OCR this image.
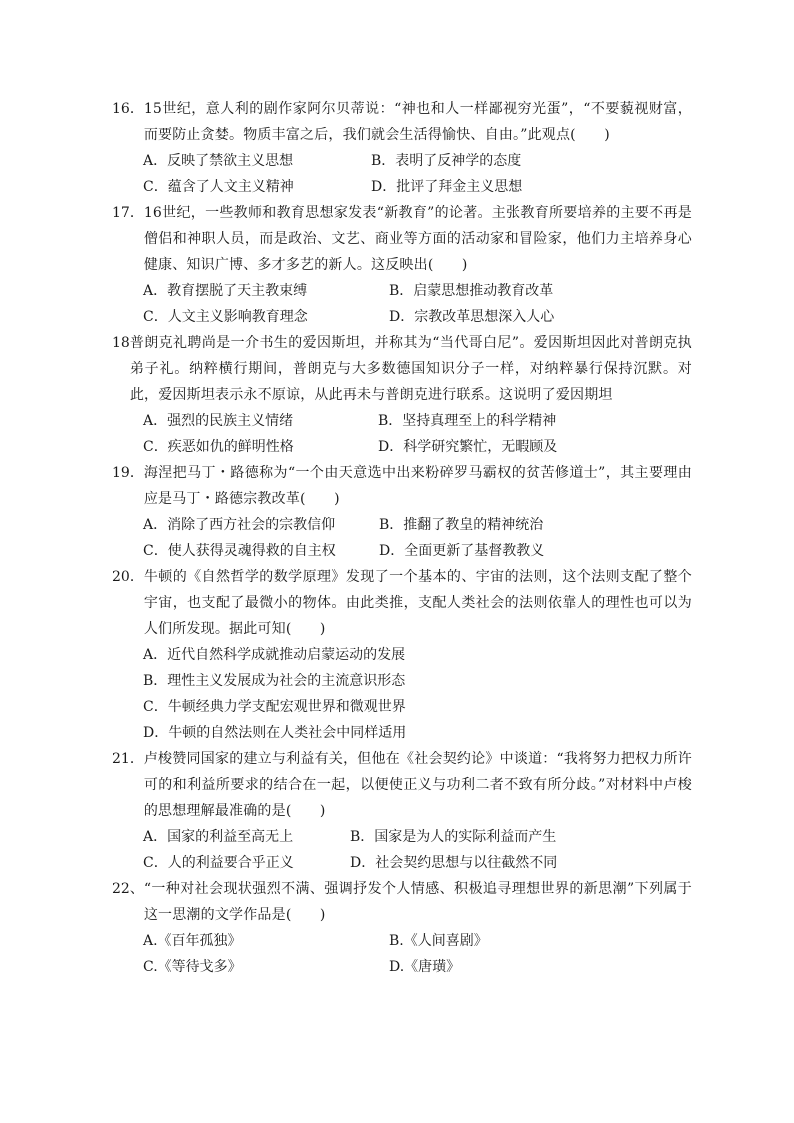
16． 15世纪，意人利的剧作家阿尔贝蒂说：“神也和人一样鄙视穷光蛋”，“不要藐视财富，而要防止贪婪。物质丰富之后，我们就会生活得愉快、自由。”此观点(　　)
A．反映了禁欲主义思想	B．表明了反神学的态度
C．蕴含了人文主义精神	D．批评了拜金主义思想
17． 16世纪，一些教师和教育思想家发表“新教育”的论著。主张教育所要培养的主要不再是僧侣和神职人员，而是政治、文艺、商业等方面的活动家和冒险家，他们力主培养身心健康、知识广博、多才多艺的新人。这反映出(　　)
A．教育摆脱了天主教束缚	B．启蒙思想推动教育改革
C．人文主义影响教育理念	D．宗教改革思想深入人心
18 普朗克礼聘尚是一介书生的爱因斯坦，并称其为“当代哥白尼”。爱因斯坦因此对普朗克执弟子礼。纳粹横行期间，普朗克与大多数德国知识分子一样，对纳粹暴行保持沉默。对此，爱因斯坦表示永不原谅，从此再未与普朗克进行联系。这说明了爱因期坦
A．强烈的民族主义情绪	B．坚持真理至上的科学精神
C．疾恶如仇的鲜明性格	D．科学研究繁忙，无暇顾及
19． 海涅把马丁・路德称为“一个由天意选中出来粉碎罗马霸权的贫苦修道士”，其主要理由应是马丁・路德宗教改革(　　)
A．消除了西方社会的宗教信仰	B．推翻了教皇的精神统治
C．使人获得灵魂得救的自主权	D．全面更新了基督教教义
20． 牛顿的《自然哲学的数学原理》发现了一个基本的、宇宙的法则，这个法则支配了整个宇宙，也支配了最微小的物体。由此类推，支配人类社会的法则依靠人的理性也可以为人们所发现。据此可知(　　)
A．近代自然科学成就推动启蒙运动的发展
B．理性主义发展成为社会的主流意识形态
C．牛顿经典力学支配宏观世界和微观世界
D．牛顿的自然法则在人类社会中同样适用
21． 卢梭赞同国家的建立与利益有关，但他在《社会契约论》中谈道：“我将努力把权力所许可的和利益所要求的结合在一起，以便使正义与功利二者不致有所分歧。”对材料中卢梭的思想理解最准确的是(　　)
A．国家的利益至高无上	B．国家是为人的实际利益而产生
C．人的利益要合乎正义	D．社会契约思想与以往截然不同
22、 “一种对社会现状强烈不满、强调抒发个人情感、积极追寻理想世界的新思潮”下列属于这一思潮的文学作品是(　　)
A.《百年孤独》	B.《人间喜剧》
C.《等待戈多》	D.《唐璜》
